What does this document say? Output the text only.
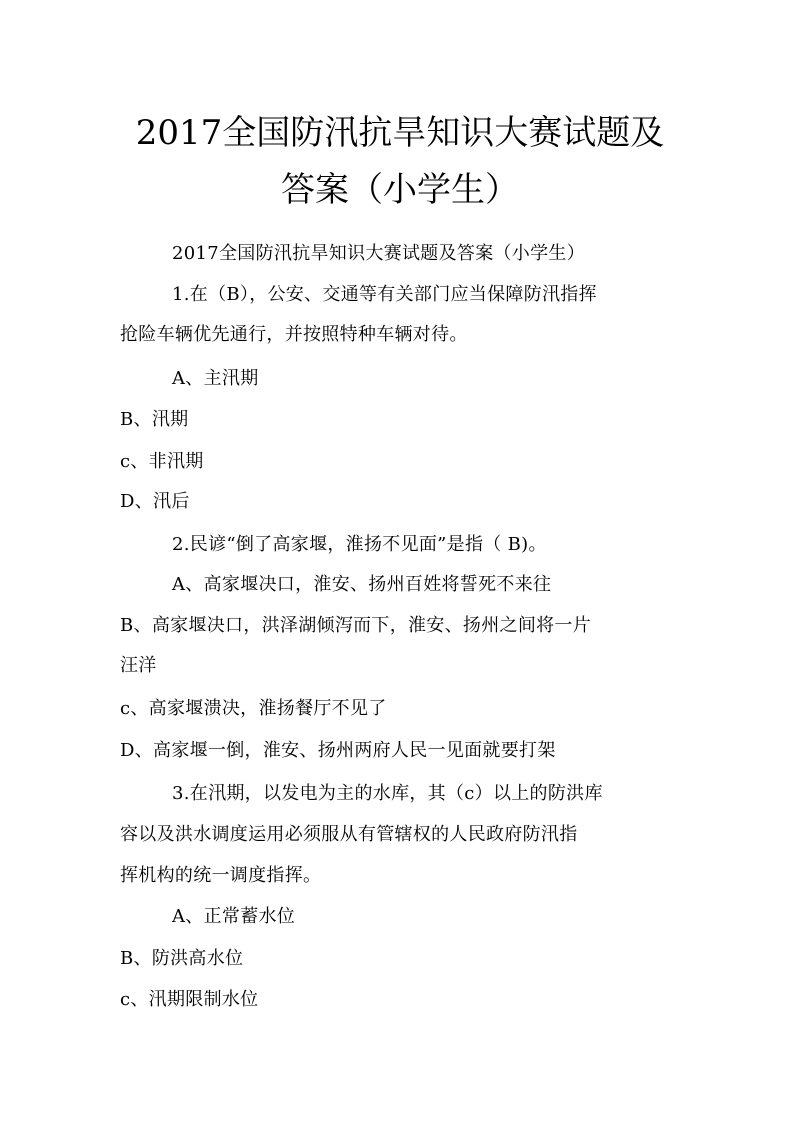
2017全国防汛抗旱知识大赛试题及
答案（小学生）
2017全国防汛抗旱知识大赛试题及答案（小学生）
1.在（B），公安、交通等有关部门应当保障防汛指挥
抢险车辆优先通行，并按照特种车辆对待。
A、主汛期
B、汛期
c、非汛期
D、汛后
2.民谚“倒了高家堰，淮扬不见面”是指（ B)。
A、高家堰决口，淮安、扬州百姓将誓死不来往
B、高家堰决口，洪泽湖倾泻而下，淮安、扬州之间将一片
汪洋
c、高家堰溃决，淮扬餐厅不见了
D、高家堰一倒，淮安、扬州两府人民一见面就要打架
3.在汛期，以发电为主的水库，其（c）以上的防洪库
容以及洪水调度运用必须服从有管辖权的人民政府防汛指
挥机构的统一调度指挥。
A、正常蓄水位
B、防洪高水位
c、汛期限制水位
